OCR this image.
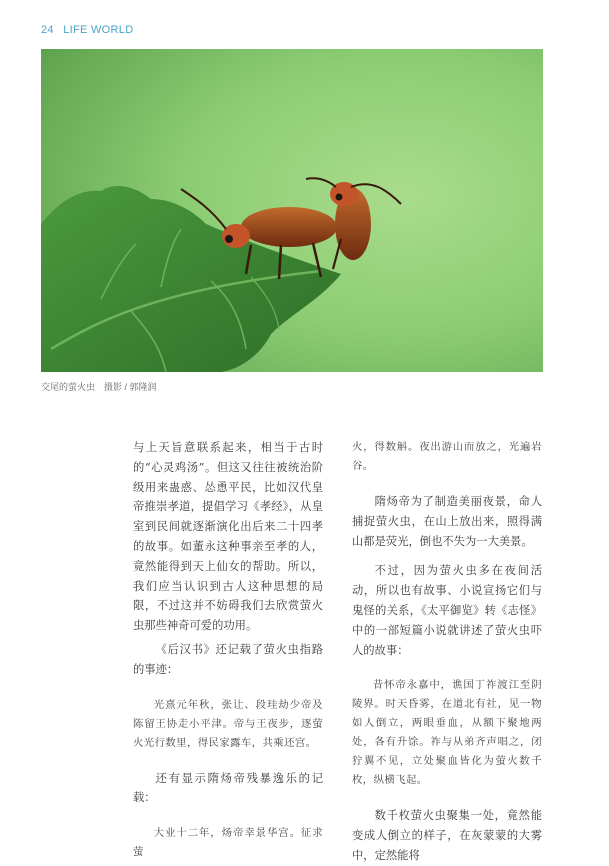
24 LIFE WORLD
交尾的萤火虫　摄影 / 郭隆润

与上天旨意联系起来，相当于古时的“心灵鸡汤”。但这又往往被统治阶级用来蛊惑、怂恿平民，比如汉代皇帝推崇孝道，提倡学习《孝经》，从皇室到民间就逐渐演化出后来二十四孝的故事。如董永这种事亲至孝的人，竟然能得到天上仙女的帮助。所以，我们应当认识到古人这种思想的局限，不过这并不妨碍我们去欣赏萤火虫那些神奇可爱的功用。

《后汉书》还记载了萤火虫指路的事迹：

光熹元年秋，张让、段珪劫少帝及陈留王协走小平津。帝与王夜步，逐萤火光行数里，得民家露车，共乘还宫。

还有显示隋炀帝残暴逸乐的记载：

大业十二年，炀帝幸景华宫。征求萤

火，得数斛。夜出游山而放之，光遍岩谷。

隋炀帝为了制造美丽夜景，命人捕捉萤火虫，在山上放出来，照得满山都是荧光，倒也不失为一大美景。

不过，因为萤火虫多在夜间活动，所以也有故事、小说宣扬它们与鬼怪的关系，《太平御览》转《志怪》中的一部短篇小说就讲述了萤火虫吓人的故事：

昔怀帝永嘉中，谯国丁祚渡江至阴陵界。时天昏雾，在道北有社，见一物如人倒立，两眼垂血，从额下聚地两处，各有升馀。祚与从弟齐声唱之，闭狞翼不见，立处聚血皆化为萤火数千枚，纵横飞起。

数千枚萤火虫聚集一处，竟然能变成人倒立的样子，在灰蒙蒙的大雾中，定然能将
